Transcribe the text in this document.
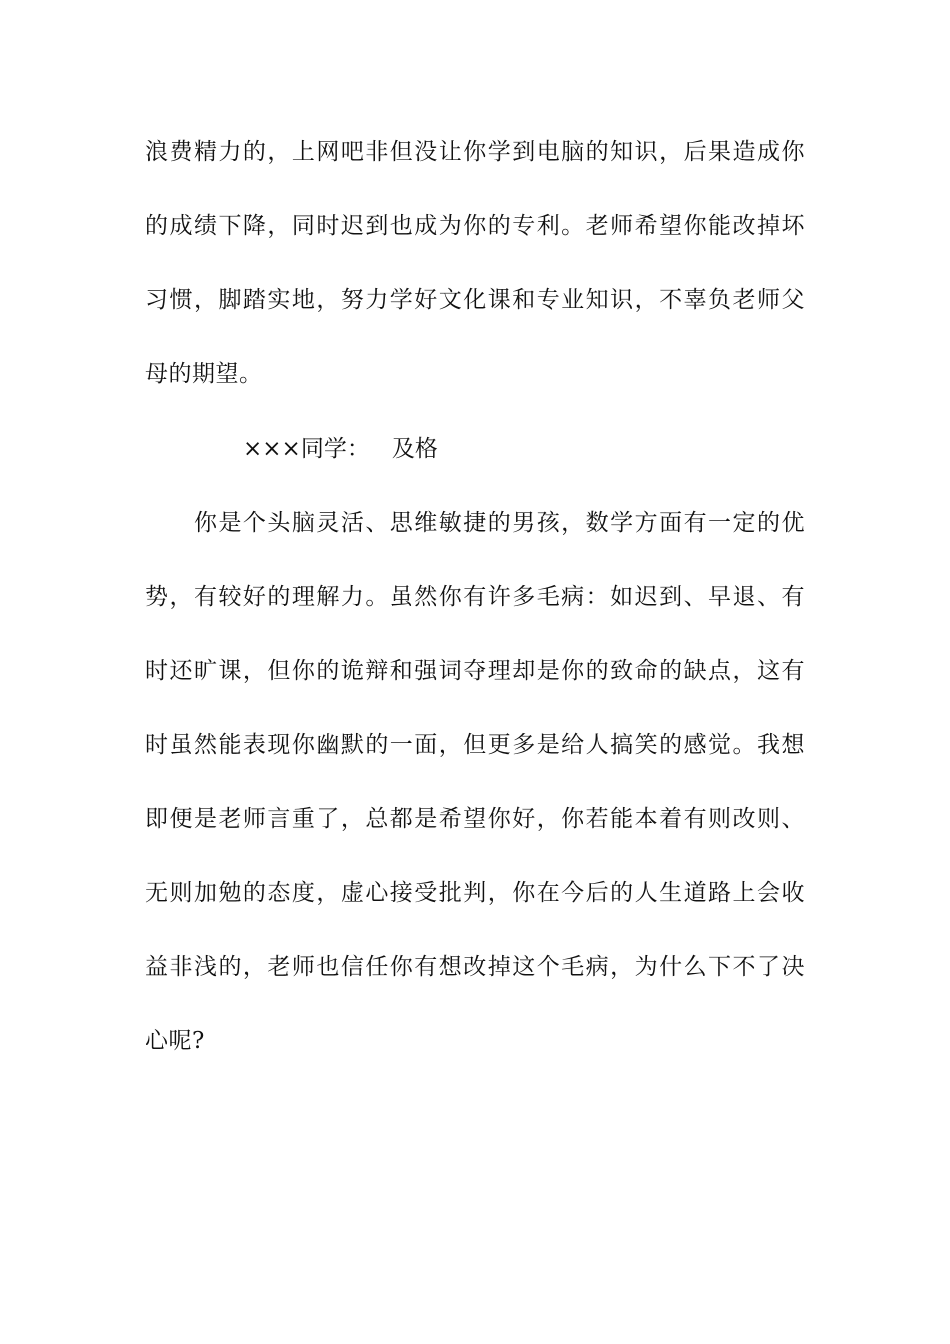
浪费精力的，上网吧非但没让你学到电脑的知识，后果造成你
的成绩下降，同时迟到也成为你的专利。老师希望你能改掉坏
习惯，脚踏实地，努力学好文化课和专业知识，不辜负老师父
母的期望。
×××同学： 及格
　　你是个头脑灵活、思维敏捷的男孩，数学方面有一定的优
势，有较好的理解力。虽然你有许多毛病：如迟到、早退、有
时还旷课，但你的诡辩和强词夺理却是你的致命的缺点，这有
时虽然能表现你幽默的一面，但更多是给人搞笑的感觉。我想
即便是老师言重了，总都是希望你好，你若能本着有则改则、
无则加勉的态度，虚心接受批判，你在今后的人生道路上会收
益非浅的，老师也信任你有想改掉这个毛病，为什么下不了决
心呢?
